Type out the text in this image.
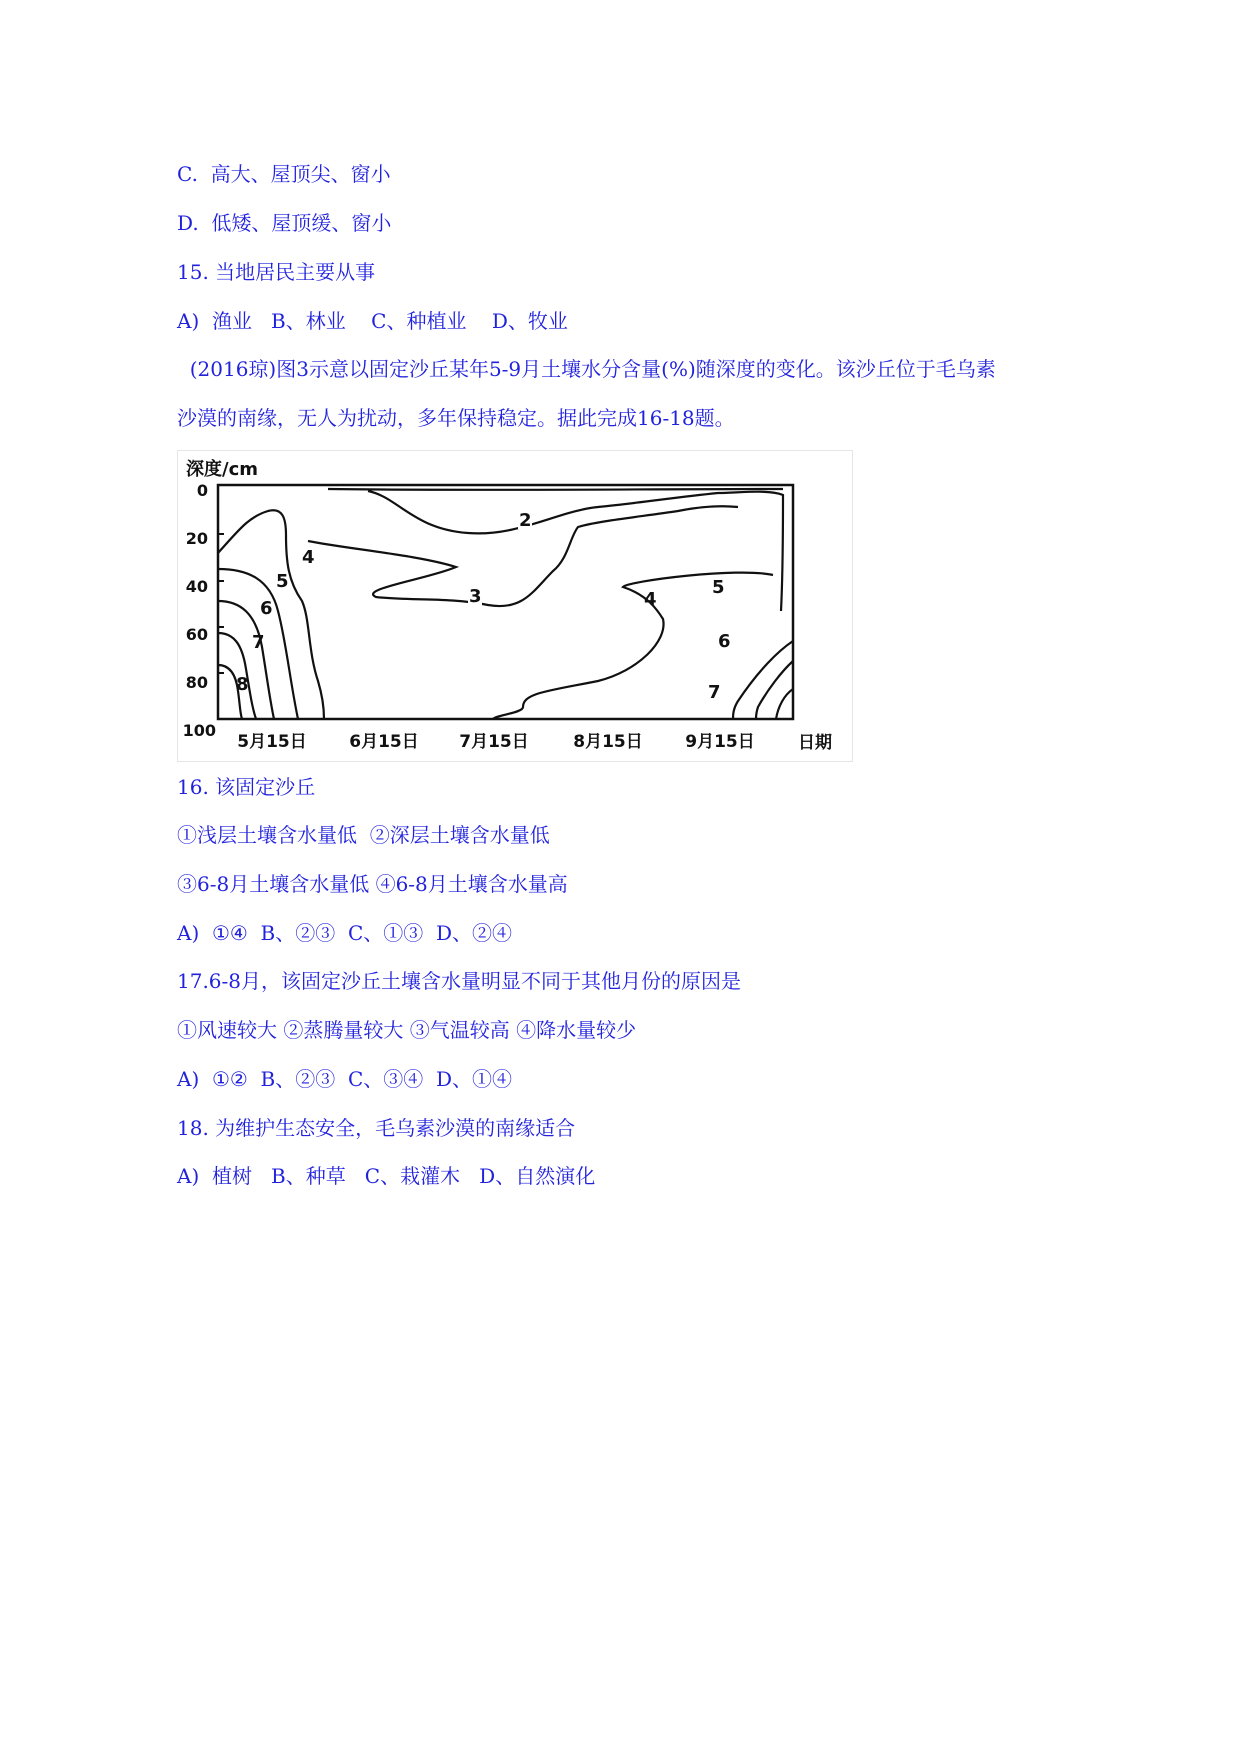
C.  高大、屋顶尖、窗小
D.  低矮、屋顶缓、窗小
15. 当地居民主要从事
A)  渔业   B、林业    C、种植业    D、牧业
(2016琼)图3示意以固定沙丘某年5-9月土壤水分含量(%)随深度的变化。该沙丘位于毛乌素
沙漠的南缘，无人为扰动，多年保持稳定。据此完成16-18题。
深度/cm
0
20
40
60
80
100
2
3
4
4
5	5
6
6
7
7
8
5月15日	6月15日 7月15日	8月15日	9月15日	日期
16. 该固定沙丘
①浅层土壤含水量低  ②深层土壤含水量低
③6-8月土壤含水量低 ④6-8月土壤含水量高
A)  ①④  B、②③  C、①③  D、②④
17.6-8月，该固定沙丘土壤含水量明显不同于其他月份的原因是
①风速较大 ②蒸腾量较大 ③气温较高 ④降水量较少
A)  ①②  B、②③  C、③④  D、①④
18. 为维护生态安全，毛乌素沙漠的南缘适合
A)  植树   B、种草   C、栽灌木   D、自然演化
